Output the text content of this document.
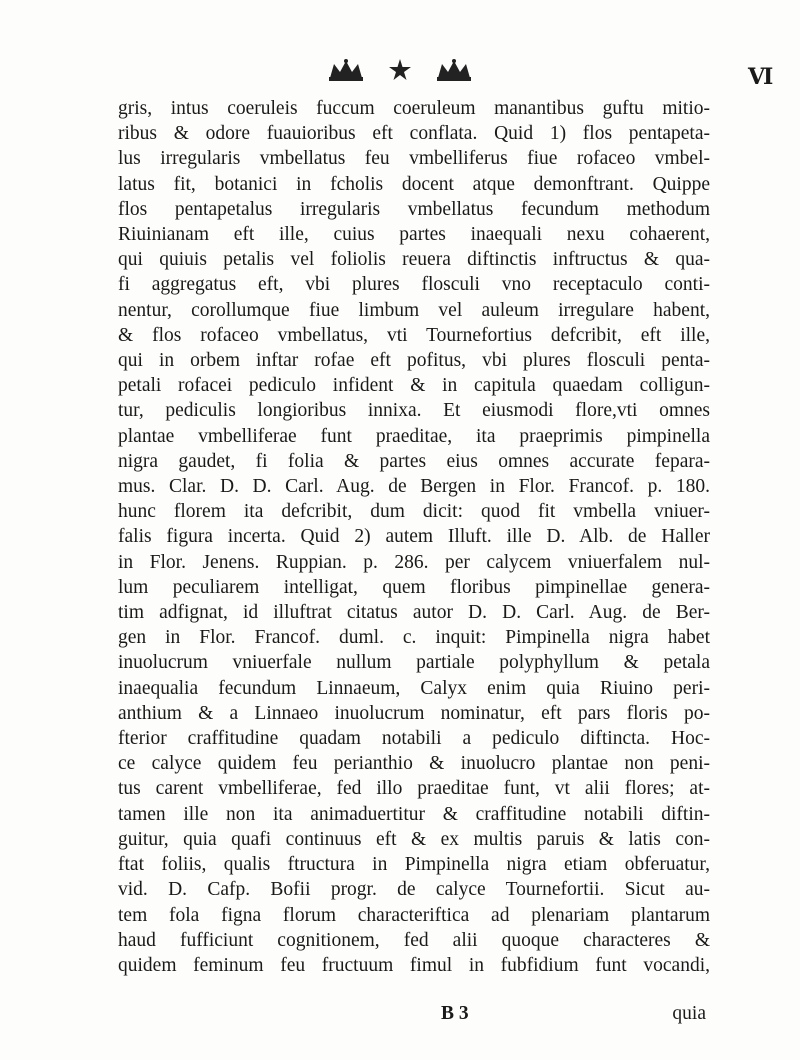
Ⅵ
gris, intus coeruleis fuccum coeruleum manantibus guftu mitio-
ribus & odore fuauioribus eft conflata. Quid 1) flos pentapeta-
lus irregularis vmbellatus feu vmbelliferus fiue rofaceo vmbel-
latus fit, botanici in fcholis docent atque demonftrant. Quippe
flos pentapetalus irregularis vmbellatus fecundum methodum
Riuinianam eft ille, cuius partes inaequali nexu cohaerent,
qui quiuis petalis vel foliolis reuera diftinctis inftructus & qua-
fi aggregatus eft, vbi plures flosculi vno receptaculo conti-
nentur, corollumque fiue limbum vel auleum irregulare habent,
& flos rofaceo vmbellatus, vti Tournefortius defcribit, eft ille,
qui in orbem inftar rofae eft pofitus, vbi plures flosculi penta-
petali rofacei pediculo infident & in capitula quaedam colligun-
tur, pediculis longioribus innixa. Et eiusmodi flore,vti omnes
plantae vmbelliferae funt praeditae, ita praeprimis pimpinella
nigra gaudet, fi folia & partes eius omnes accurate fepara-
mus. Clar. D. D. Carl. Aug. de Bergen in Flor. Francof. p. 180.
hunc florem ita defcribit, dum dicit: quod fit vmbella vniuer-
falis figura incerta. Quid 2) autem Illuft. ille D. Alb. de Haller
in Flor. Jenens. Ruppian. p. 286. per calycem vniuerfalem nul-
lum peculiarem intelligat, quem floribus pimpinellae genera-
tim adfignat, id illuftrat citatus autor D. D. Carl. Aug. de Ber-
gen in Flor. Francof. duml. c. inquit: Pimpinella nigra habet
inuolucrum vniuerfale nullum partiale polyphyllum & petala
inaequalia fecundum Linnaeum, Calyx enim quia Riuino peri-
anthium & a Linnaeo inuolucrum nominatur, eft pars floris po-
fterior craffitudine quadam notabili a pediculo diftincta. Hoc-
ce calyce quidem feu perianthio & inuolucro plantae non peni-
tus carent vmbelliferae, fed illo praeditae funt, vt alii flores; at-
tamen ille non ita animaduertitur & craffitudine notabili diftin-
guitur, quia quafi continuus eft & ex multis paruis & latis con-
ftat foliis, qualis ftructura in Pimpinella nigra etiam obferuatur,
vid. D. Cafp. Bofii progr. de calyce Tournefortii. Sicut au-
tem fola figna florum characteriftica ad plenariam plantarum
haud fufficiunt cognitionem, fed alii quoque characteres &
quidem feminum feu fructuum fimul in fubfidium funt vocandi,
B 3	quia
